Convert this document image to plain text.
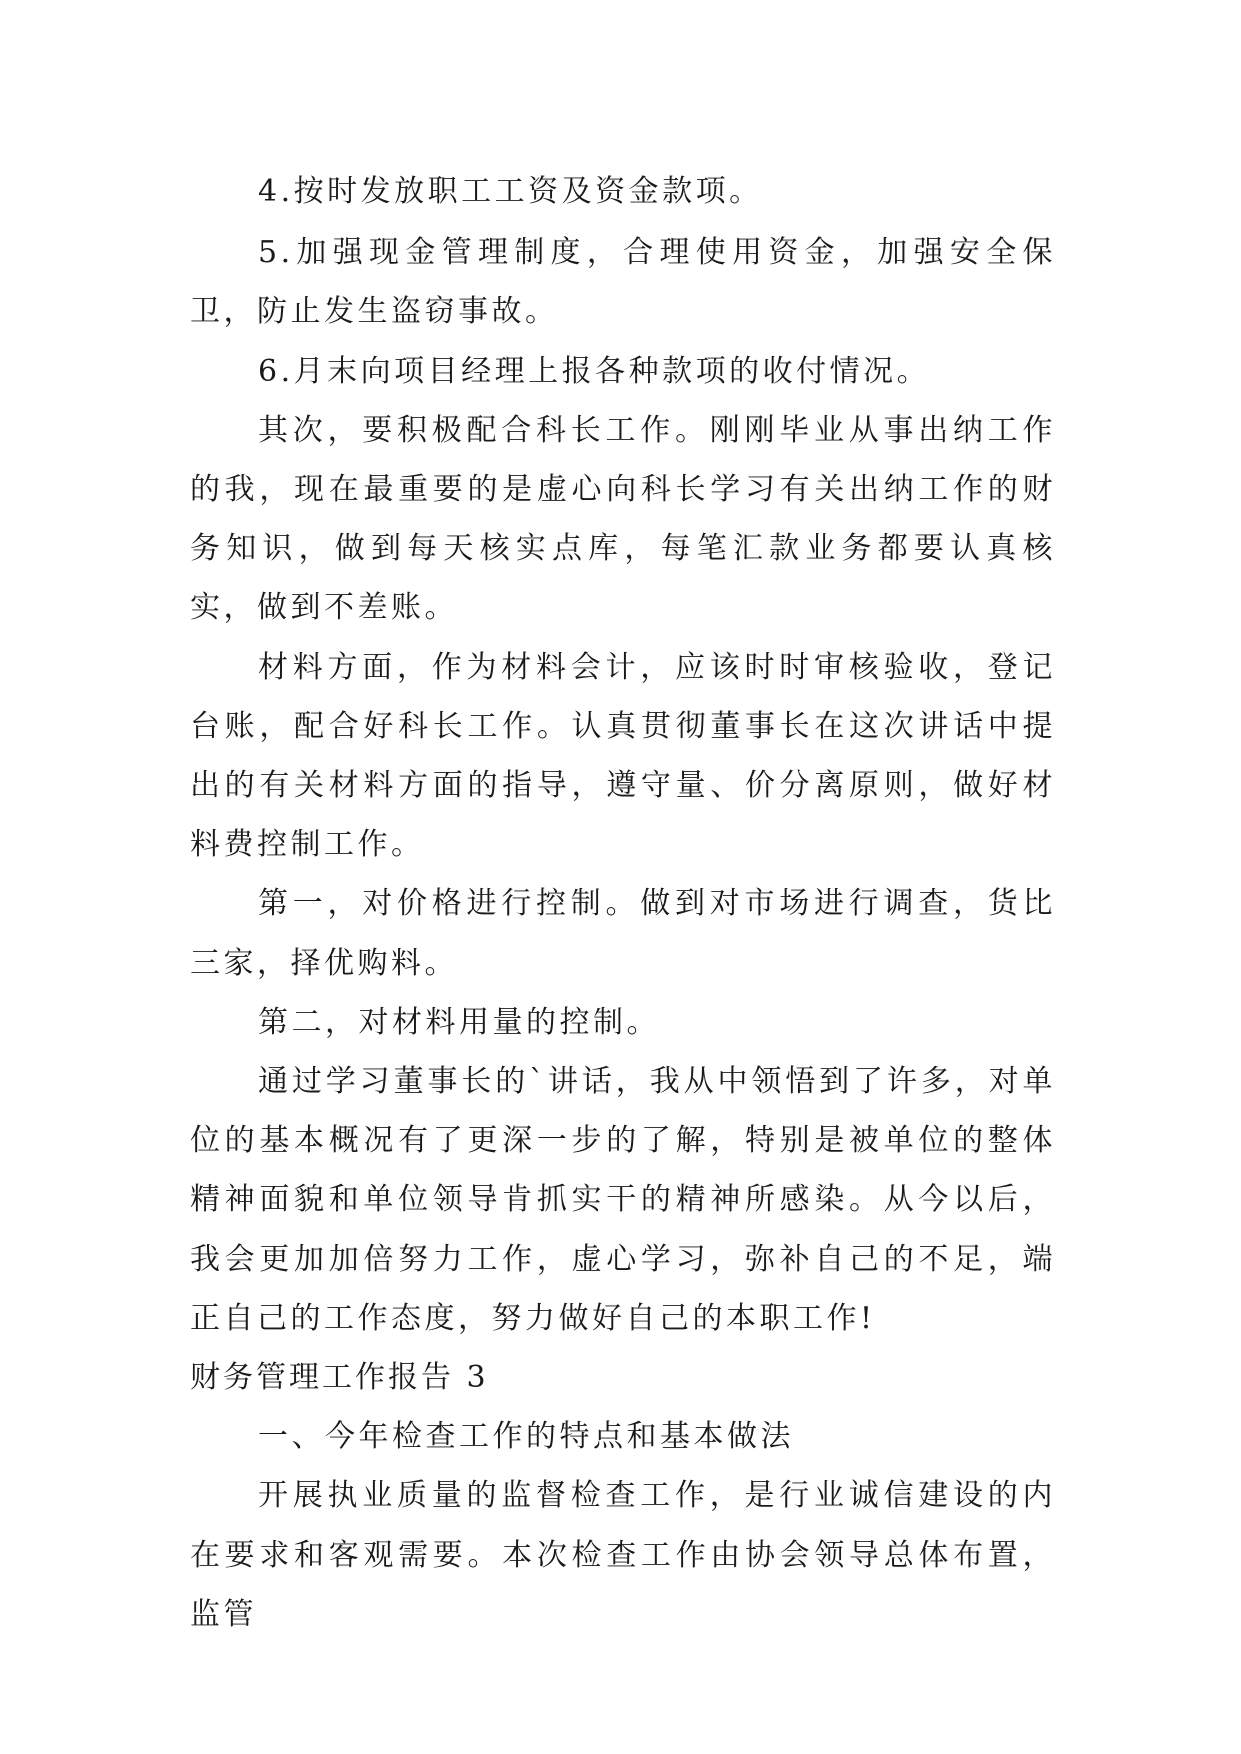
4.按时发放职工工资及资金款项。

5.加强现金管理制度，合理使用资金，加强安全保卫，防止发生盗窃事故。

6.月末向项目经理上报各种款项的收付情况。

其次，要积极配合科长工作。刚刚毕业从事出纳工作的我，现在最重要的是虚心向科长学习有关出纳工作的财务知识，做到每天核实点库，每笔汇款业务都要认真核实，做到不差账。

材料方面，作为材料会计，应该时时审核验收，登记台账，配合好科长工作。认真贯彻董事长在这次讲话中提出的有关材料方面的指导，遵守量、价分离原则，做好材料费控制工作。

第一，对价格进行控制。做到对市场进行调查，货比三家，择优购料。

第二，对材料用量的控制。

通过学习董事长的`讲话，我从中领悟到了许多，对单位的基本概况有了更深一步的了解，特别是被单位的整体精神面貌和单位领导肯抓实干的精神所感染。从今以后，我会更加加倍努力工作，虚心学习，弥补自己的不足，端正自己的工作态度，努力做好自己的本职工作!

财务管理工作报告 3

一、今年检查工作的特点和基本做法

开展执业质量的监督检查工作，是行业诚信建设的内在要求和客观需要。本次检查工作由协会领导总体布置，监管
